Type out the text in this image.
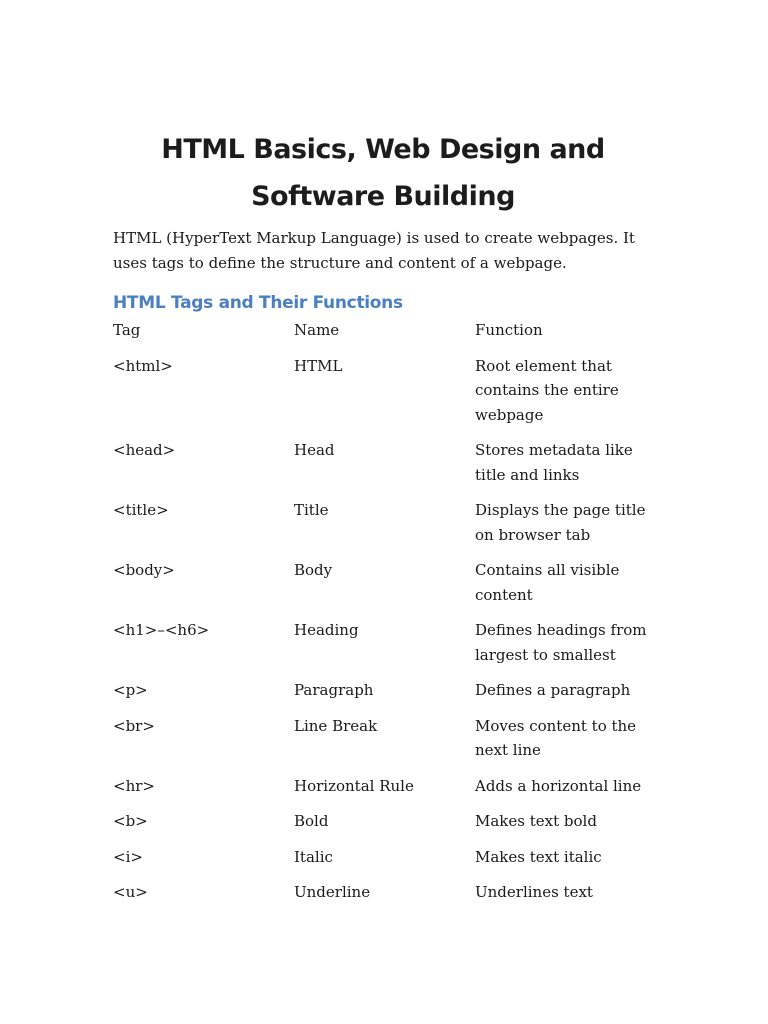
HTML Basics, Web Design and Software Building

HTML (HyperText Markup Language) is used to create webpages. It uses tags to define the structure and content of a webpage.

HTML Tags and Their Functions
Tag	Name	Function
<html>	HTML	Root element that contains the entire webpage
<head>	Head	Stores metadata like title and links
<title>	Title	Displays the page title on browser tab
<body>	Body	Contains all visible content
<h1>–<h6>	Heading	Defines headings from largest to smallest
<p>	Paragraph	Defines a paragraph
<br>	Line Break	Moves content to the next line
<hr>	Horizontal Rule	Adds a horizontal line
<b>	Bold	Makes text bold
<i>	Italic	Makes text italic
<u>	Underline	Underlines text
